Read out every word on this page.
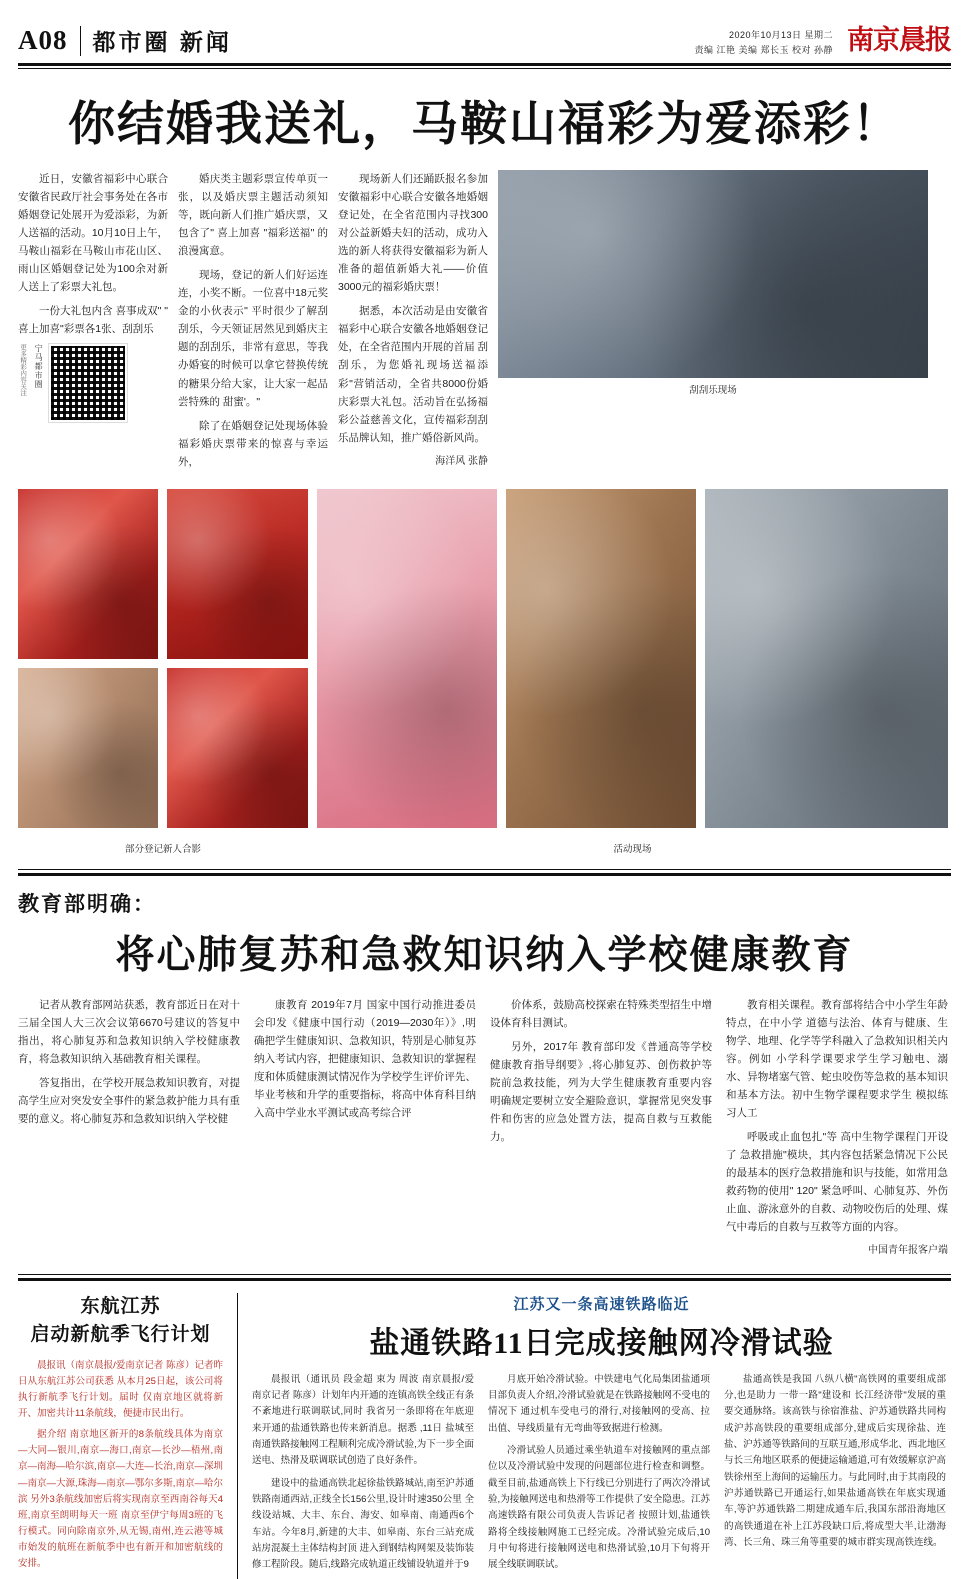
A08 都市圈 新闻	2020年10月13日 星期二
责编 江艳 美编 郑长玉 校对 孙静 南京晨报
你结婚我送礼，马鞍山福彩为爱添彩！

近日，安徽省福彩中心联合安徽省民政厅社会事务处在各市婚姻登记处展开为爱添彩，为新人送福的活动。10月10日上午，马鞍山福彩在马鞍山市花山区、雨山区婚姻登记处为100余对新人送上了彩票大礼包。

一份大礼包内含 喜事成双" " 喜上加喜"彩票各1张、刮刮乐

更多精彩内容关注 宁马都市圈

婚庆类主题彩票宣传单页一张，以及婚庆票主题活动须知等，既向新人们推广婚庆票，又包含了" 喜上加喜 "福彩送福" 的浪漫寓意。

现场，登记的新人们好运连连，小奖不断。一位喜中18元奖金的小伙表示" 平时很少了解刮刮乐，今天领证居然见到婚庆主题的刮刮乐，非常有意思，等我办婚宴的时候可以拿它替换传统的糖果分给大家，让大家一起品尝特殊的 甜蜜'。"

除了在婚姻登记处现场体验福彩婚庆票带来的惊喜与幸运外，

现场新人们还踊跃报名参加安徽福彩中心联合安徽各地婚姻登记处，在全省范围内寻找300对公益新婚夫妇的活动，成功入选的新人将获得安徽福彩为新人准备的超值新婚大礼——价值3000元的福彩婚庆票！

据悉，本次活动是由安徽省福彩中心联合安徽各地婚姻登记处，在全省范围内开展的首届 刮刮乐，为您婚礼现场送福添彩"营销活动，全省共8000份婚庆彩票大礼包。活动旨在弘扬福彩公益慈善文化，宣传福彩刮刮乐品牌认知，推广婚俗新风尚。

海洋风 张静
刮刮乐现场
部分登记新人合影	活动现场
教育部明确：
将心肺复苏和急救知识纳入学校健康教育

记者从教育部网站获悉，教育部近日在对十三届全国人大三次会议第6670号建议的答复中指出，将心肺复苏和急救知识纳入学校健康教育，将急救知识纳入基础教育相关课程。

答复指出，在学校开展急救知识教育，对提高学生应对突发安全事件的紧急救护能力具有重要的意义。将心肺复苏和急救知识纳入学校健

康教育 2019年7月 国家中国行动推进委员会印发《健康中国行动（2019—2030年）》,明确把学生健康知识、急救知识，特别是心肺复苏纳入考试内容，把健康知识、急救知识的掌握程度和体质健康测试情况作为学校学生评价评先、毕业考核和升学的重要指标，将高中体育科目纳入高中学业水平测试或高考综合评

价体系，鼓励高校探索在特殊类型招生中增设体育科目测试。

另外，2017年 教育部印发《普通高等学校健康教育指导纲要》,将心肺复苏、创伤救护等院前急救技能，列为大学生健康教育重要内容 明确规定要树立安全避险意识，掌握常见突发事件和伤害的应急处置方法，提高自救与互救能力。

教育相关课程。教育部将结合中小学生年龄特点，在中小学 道德与法治、体育与健康、生物学、地理、化学等学科融入了急救知识相关内容。例如 小学科学课要求学生学习触电、溺水、异物堵塞气管、蛇虫咬伤等急救的基本知识和基本方法。初中生物学课程要求学生 模拟练习人工

呼吸或止血包扎"等 高中生物学课程门开设了 急救措施"模块，其内容包括紧急情况下公民的最基本的医疗急救措施和识与技能，如常用急救药物的使用" 120" 紧急呼叫、心肺复苏、外伤止血、游泳意外的自救、动物咬伤后的处理、煤气中毒后的自救与互救等方面的内容。

中国青年报客户端
东航江苏
启动新航季飞行计划

晨报讯（南京晨报/爱南京记者 陈彦）记者昨日从东航江苏公司获悉 从本月25日起，该公司将执行新航季飞行计划。届时 仅南京地区就将新开、加密共计11条航线，便捷市民出行。

据介绍 南京地区新开的8条航线具体为南京—大同—银川,南京—海口,南京—长沙—梧州,南京—南海—哈尔滨,南京—大连—长治,南京—深圳—南京—大源,珠海—南京—鄂尔多斯,南京—哈尔滨 另外3条航线加密后将实现南京至西南谷每天4班,南京至朗明每天一班 南京至伊宁每周3班的飞行模式。同向除南京外,从无锡,南州,连云港等城市始发的航班在新航季中也有新开和加密航线的安排。

江苏又一条高速铁路临近
盐通铁路11日完成接触网冷滑试验

晨报讯（通讯员 段金超 束为 周波 南京晨报/爱南京记者 陈彦）计划年内开通的连镇高铁全线正有条不紊地进行联调联试,同时 我省另一条即将在年底迎来开通的盐通铁路也传来新消息。据悉 ,11日 盐城至南通铁路接触网工程顺利完成冷滑试验,为下一步全面送电、热滑及联调联试创造了良好条件。

建设中的盐通高铁北起徐盐铁路城站,南至沪苏通铁路南通西站,正线全长156公里,设计时速350公里 全线设站城、大丰、东台、海安、如皋南、南通西6个车站。今年8月,新建的大丰、如皋南、东台三站充成站房混凝土主体结构封顶 进入到钢结构网架及装饰装修工程阶段。随后,线路完成轨道正线铺设轨道并于9

月底开始冷滑试验。中铁建电气化局集团盐通项目部负责人介绍,冷滑试验就是在铁路接触网不受电的情况下 通过机车受电弓的滑行,对接触网的受高、拉出值、导线质量有无弯曲等致据进行检测。

冷滑试验人员通过乘坐轨道车对接触网的重点部位以及冷滑试验中发现的问题部位进行检查和调整。截至目前,盐通高铁上下行线已分别进行了两次冷滑试验,为接触网送电和热滑等工作提供了安全隐患。江苏高速铁路有限公司负责人告诉记者 按照计划,盐通铁路将全线接触网施工已经完成。冷滑试验完成后,10月中旬将进行接触网送电和热滑试验,10月下旬将开展全线联调联试。

盐通高铁是我国 八纵八横"高铁网的重要组成部分,也是助力 一带一路"建设和 长江经济带"发展的重要交通脉络。该高铁与徐宿淮盐、沪苏通铁路共同构成沪苏高铁段的重要组成部分,建成后实现徐盐、连盐、沪苏通等铁路间的互联互通,形成华北、西北地区与长三角地区联系的便捷运输通道,可有效缓解京沪高铁徐州至上海间的运输压力。与此同时,由于其南段的沪苏通铁路已开通运行,如果盐通高铁在年底实现通车,等沪苏通铁路二期建成通车后,我国东部沿海地区的高铁通道在补上江苏段缺口后,将成型大半,让渤海湾、长三角、珠三角等重要的城市群实现高铁连线。
